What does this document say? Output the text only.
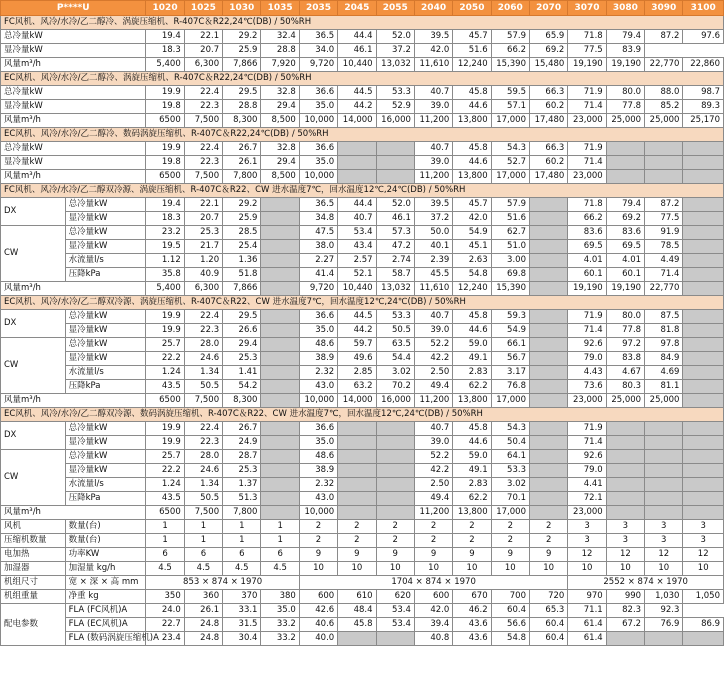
P****U		1020	1025	1030	1035	2035	2045	2055	2040	2050	2060	2070	3070	3080	3090	3100
FC风机、风冷/水冷/乙二醇冷、涡旋压缩机、R-407C＆R22,24℃(DB) / 50%RH																
总冷量kW		19.4	22.1	29.2	32.4	36.5	44.4	52.0	39.5	45.7	57.9	65.9	71.8	79.4	87.2	97.6
显冷量kW		18.3	20.7	25.9	28.8	34.0	46.1	37.2	42.0	51.6	66.2	69.2	77.5	83.9		
风量m³/h		5,400	6,300	7,866	7,920	9,720	10,440	13,032	11,610	12,240	15,390	15,480	19,190	19,190	22,770	22,860
EC风机、风冷/水冷/乙二醇冷、涡旋压缩机、R-407C＆R22,24℃(DB) / 50%RH																
总冷量kW		19.9	22.4	29.5	32.8	36.6	44.5	53.3	40.7	45.8	59.5	66.3	71.9	80.0	88.0	98.7
显冷量kW		19.8	22.3	28.8	29.4	35.0	44.2	52.9	39.0	44.6	57.1	60.2	71.4	77.8	85.2	89.3
风量m³/h		6500	7,500	8,300	8,500	10,000	14,000	16,000	11,200	13,800	17,000	17,480	23,000	25,000	25,000	25,170
EC风机、风冷/水冷/乙二醇冷、数码涡旋压缩机、R-407C＆R22,24℃(DB) / 50%RH																
总冷量kW		19.9	22.4	26.7	32.8	36.6			40.7	45.8	54.3	66.3	71.9			
显冷量kW		19.8	22.3	26.1	29.4	35.0			39.0	44.6	52.7	60.2	71.4			
风量m³/h		6500	7,500	7,800	8,500	10,000			11,200	13,800	17,000	17,480	23,000			
FC风机、风冷/水冷/乙二醇双冷源、涡旋压缩机、R-407C＆R22、CW 进水温度7℃，回水温度12℃,24℃(DB) / 50%RH																
DX	总冷量kW	19.4	22.1	29.2		36.5	44.4	52.0	39.5	45.7	57.9		71.8	79.4	87.2	
	显冷量kW	18.3	20.7	25.9		34.8	40.7	46.1	37.2	42.0	51.6		66.2	69.2	77.5	
CW	总冷量kW	23.2	25.3	28.5		47.5	53.4	57.3	50.0	54.9	62.7		83.6	83.6	91.9	
	显冷量kW	19.5	21.7	25.4		38.0	43.4	47.2	40.1	45.1	51.0		69.5	69.5	78.5	
	水流量l/s	1.12	1.20	1.36		2.27	2.57	2.74	2.39	2.63	3.00		4.01	4.01	4.49	
	压降kPa	35.8	40.9	51.8		41.4	52.1	58.7	45.5	54.8	69.8		60.1	60.1	71.4	
风量m³/h		5,400	6,300	7,866		9,720	10,440	13,032	11,610	12,240	15,390		19,190	19,190	22,770	
EC风机、风冷/水冷/乙二醇双冷源、涡旋压缩机、R-407C＆R22、CW 进水温度7℃，回水温度12℃,24℃(DB) / 50%RH																
DX	总冷量kW	19.9	22.4	29.5		36.6	44.5	53.3	40.7	45.8	59.3		71.9	80.0	87.5	
	显冷量kW	19.9	22.3	26.6		35.0	44.2	50.5	39.0	44.6	54.9		71.4	77.8	81.8	
CW	总冷量kW	25.7	28.0	29.4		48.6	59.7	63.5	52.2	59.0	66.1		92.6	97.2	97.8	
	显冷量kW	22.2	24.6	25.3		38.9	49.6	54.4	42.2	49.1	56.7		79.0	83.8	84.9	
	水流量l/s	1.24	1.34	1.41		2.32	2.85	3.02	2.50	2.83	3.17		4.43	4.67	4.69	
	压降kPa	43.5	50.5	54.2		43.0	63.2	70.2	49.4	62.2	76.8		73.6	80.3	81.1	
风量m³/h		6500	7,500	8,300		10,000	14,000	16,000	11,200	13,800	17,000		23,000	25,000	25,000	
EC风机、风冷/水冷/乙二醇双冷源、数码涡旋压缩机、R-407C＆R22、CW 进水温度7℃，回水温度12℃,24℃(DB) / 50%RH																
DX	总冷量kW	19.9	22.4	26.7		36.6			40.7	45.8	54.3		71.9			
	显冷量kW	19.9	22.3	24.9		35.0			39.0	44.6	50.4		71.4			
CW	总冷量kW	25.7	28.0	28.7		48.6			52.2	59.0	64.1		92.6			
	显冷量kW	22.2	24.6	25.3		38.9			42.2	49.1	53.3		79.0			
	水流量l/s	1.24	1.34	1.37		2.32			2.50	2.83	3.02		4.41			
	压降kPa	43.5	50.5	51.3		43.0			49.4	62.2	70.1		72.1			
风量m³/h		6500	7,500	7,800		10,000			11,200	13,800	17,000		23,000			
风机	数量(台)	1	1	1	1	2	2	2	2	2	2	2	3	3	3	3
压缩机数量	数量(台)	1	1	1	1	2	2	2	2	2	2	2	3	3	3	3
电加热	功率KW	6	6	6	6	9	9	9	9	9	9	9	12	12	12	12
加湿器	加湿量 kg/h	4.5	4.5	4.5	4.5	10	10	10	10	10	10	10	10	10	10	10
机组尺寸	宽 × 深 × 高 mm	853 × 874 × 1970				1704 × 874 × 1970							2552 × 874 × 1970			
机组重量	净重 kg	350	360	370	380	600	610	620	600	670	700	720	970	990	1,030	1,050
配电参数	FLA (FC风机)A	24.0	26.1	33.1	35.0	42.6	48.4	53.4	42.0	46.2	60.4	65.3	71.1	82.3	92.3	
	FLA (EC风机)A	22.7	24.8	31.5	33.2	40.6	45.8	53.4	39.4	43.6	56.6	60.4	61.4	67.2	76.9	86.9
	FLA (数码涡旋压缩机)A	23.4	24.8	30.4	33.2	40.0			40.8	43.6	54.8	60.4	61.4			
